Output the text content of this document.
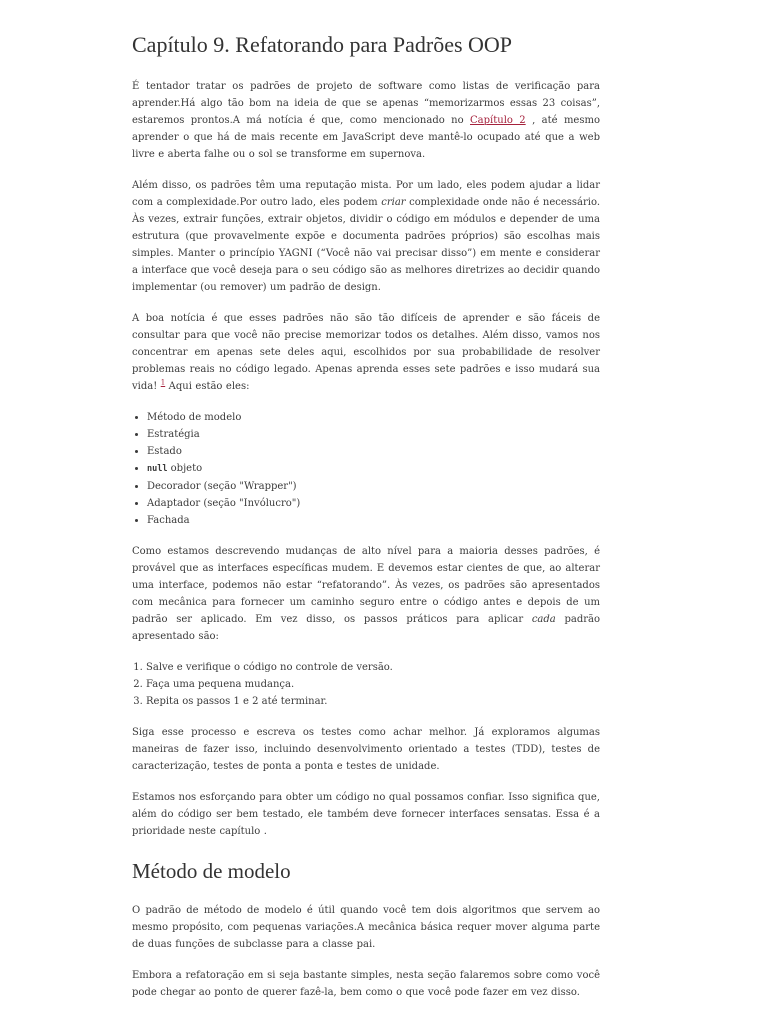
Capítulo 9. Refatorando para Padrões OOP

É tentador tratar os padrões de projeto de software como listas de verificação para aprender.Há algo tão bom na ideia de que se apenas “memorizarmos essas 23 coisas”, estaremos prontos.A má notícia é que, como mencionado no Capítulo 2 , até mesmo aprender o que há de mais recente em JavaScript deve mantê-lo ocupado até que a web livre e aberta falhe ou o sol se transforme em supernova.

Além disso, os padrões têm uma reputação mista. Por um lado, eles podem ajudar a lidar com a complexidade.Por outro lado, eles podem criar complexidade onde não é necessário. Às vezes, extrair funções, extrair objetos, dividir o código em módulos e depender de uma estrutura (que provavelmente expõe e documenta padrões próprios) são escolhas mais simples. Manter o princípio YAGNI (“Você não vai precisar disso”) em mente e considerar a interface que você deseja para o seu código são as melhores diretrizes ao decidir quando implementar (ou remover) um padrão de design.

A boa notícia é que esses padrões não são tão difíceis de aprender e são fáceis de consultar para que você não precise memorizar todos os detalhes. Além disso, vamos nos concentrar em apenas sete deles aqui, escolhidos por sua probabilidade de resolver problemas reais no código legado. Apenas aprenda esses sete padrões e isso mudará sua vida! $^1$ Aqui estão eles:

• Método de modelo
• Estratégia
• Estado
• null objeto
• Decorador (seção "Wrapper")
• Adaptador (seção "Invólucro")
• Fachada

Como estamos descrevendo mudanças de alto nível para a maioria desses padrões, é provável que as interfaces específicas mudem. E devemos estar cientes de que, ao alterar uma interface, podemos não estar “refatorando”. Às vezes, os padrões são apresentados com mecânica para fornecer um caminho seguro entre o código antes e depois de um padrão ser aplicado. Em vez disso, os passos práticos para aplicar cada padrão apresentado são:

1. Salve e verifique o código no controle de versão.
2. Faça uma pequena mudança.
3. Repita os passos 1 e 2 até terminar.

Siga esse processo e escreva os testes como achar melhor. Já exploramos algumas maneiras de fazer isso, incluindo desenvolvimento orientado a testes (TDD), testes de caracterização, testes de ponta a ponta e testes de unidade.

Estamos nos esforçando para obter um código no qual possamos confiar. Isso significa que, além do código ser bem testado, ele também deve fornecer interfaces sensatas. Essa é a prioridade neste capítulo .

Método de modelo

O padrão de método de modelo é útil quando você tem dois algoritmos que servem ao mesmo propósito, com pequenas variações.A mecânica básica requer mover alguma parte de duas funções de subclasse para a classe pai.

Embora a refatoração em si seja bastante simples, nesta seção falaremos sobre como você pode chegar ao ponto de querer fazê-la, bem como o que você pode fazer em vez disso.
